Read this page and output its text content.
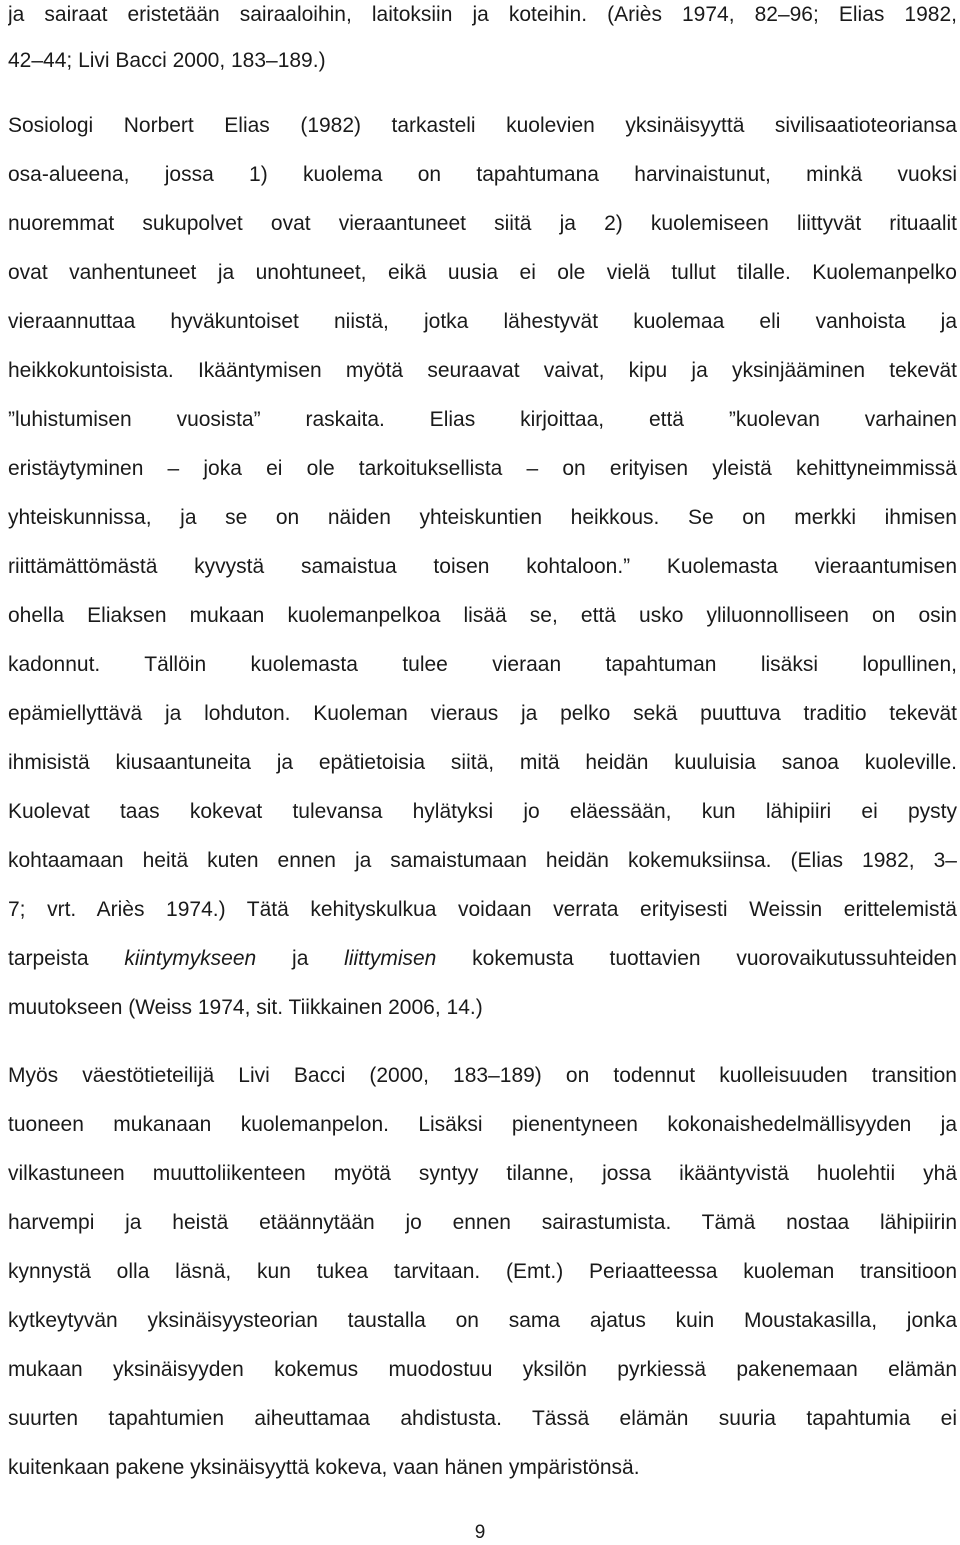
ja sairaat eristetään sairaaloihin, laitoksiin ja koteihin. (Ariès 1974, 82–96; Elias 1982,
42–44; Livi Bacci 2000, 183–189.)
Sosiologi Norbert Elias (1982) tarkasteli kuolevien yksinäisyyttä sivilisaatioteoriansa
osa-alueena, jossa 1) kuolema on tapahtumana harvinaistunut, minkä vuoksi
nuoremmat sukupolvet ovat vieraantuneet siitä ja 2) kuolemiseen liittyvät rituaalit
ovat vanhentuneet ja unohtuneet, eikä uusia ei ole vielä tullut tilalle. Kuolemanpelko
vieraannuttaa hyväkuntoiset niistä, jotka lähestyvät kuolemaa eli vanhoista ja
heikkokuntoisista. Ikääntymisen myötä seuraavat vaivat, kipu ja yksinjääminen tekevät
”luhistumisen vuosista” raskaita. Elias kirjoittaa, että ”kuolevan varhainen
eristäytyminen – joka ei ole tarkoituksellista – on erityisen yleistä kehittyneimmissä
yhteiskunnissa, ja se on näiden yhteiskuntien heikkous. Se on merkki ihmisen
riittämättömästä kyvystä samaistua toisen kohtaloon.” Kuolemasta vieraantumisen
ohella Eliaksen mukaan kuolemanpelkoa lisää se, että usko yliluonnolliseen on osin
kadonnut. Tällöin kuolemasta tulee vieraan tapahtuman lisäksi lopullinen,
epämiellyttävä ja lohduton. Kuoleman vieraus ja pelko sekä puuttuva traditio tekevät
ihmisistä kiusaantuneita ja epätietoisia siitä, mitä heidän kuuluisia sanoa kuoleville.
Kuolevat taas kokevat tulevansa hylätyksi jo eläessään, kun lähipiiri ei pysty
kohtaamaan heitä kuten ennen ja samaistumaan heidän kokemuksiinsa. (Elias 1982, 3–
7; vrt. Ariès 1974.) Tätä kehityskulkua voidaan verrata erityisesti Weissin erittelemistä
tarpeista kiintymykseen ja liittymisen kokemusta tuottavien vuorovaikutussuhteiden
muutokseen (Weiss 1974, sit. Tiikkainen 2006, 14.)
Myös väestötieteilijä Livi Bacci (2000, 183–189) on todennut kuolleisuuden transition
tuoneen mukanaan kuolemanpelon. Lisäksi pienentyneen kokonaishedelmällisyyden ja
vilkastuneen muuttoliikenteen myötä syntyy tilanne, jossa ikääntyvistä huolehtii yhä
harvempi ja heistä etäännytään jo ennen sairastumista. Tämä nostaa lähipiirin
kynnystä olla läsnä, kun tukea tarvitaan. (Emt.) Periaatteessa kuoleman transitioon
kytkeytyvän yksinäisyysteorian taustalla on sama ajatus kuin Moustakasilla, jonka
mukaan yksinäisyyden kokemus muodostuu yksilön pyrkiessä pakenemaan elämän
suurten tapahtumien aiheuttamaa ahdistusta. Tässä elämän suuria tapahtumia ei
kuitenkaan pakene yksinäisyyttä kokeva, vaan hänen ympäristönsä.
9
